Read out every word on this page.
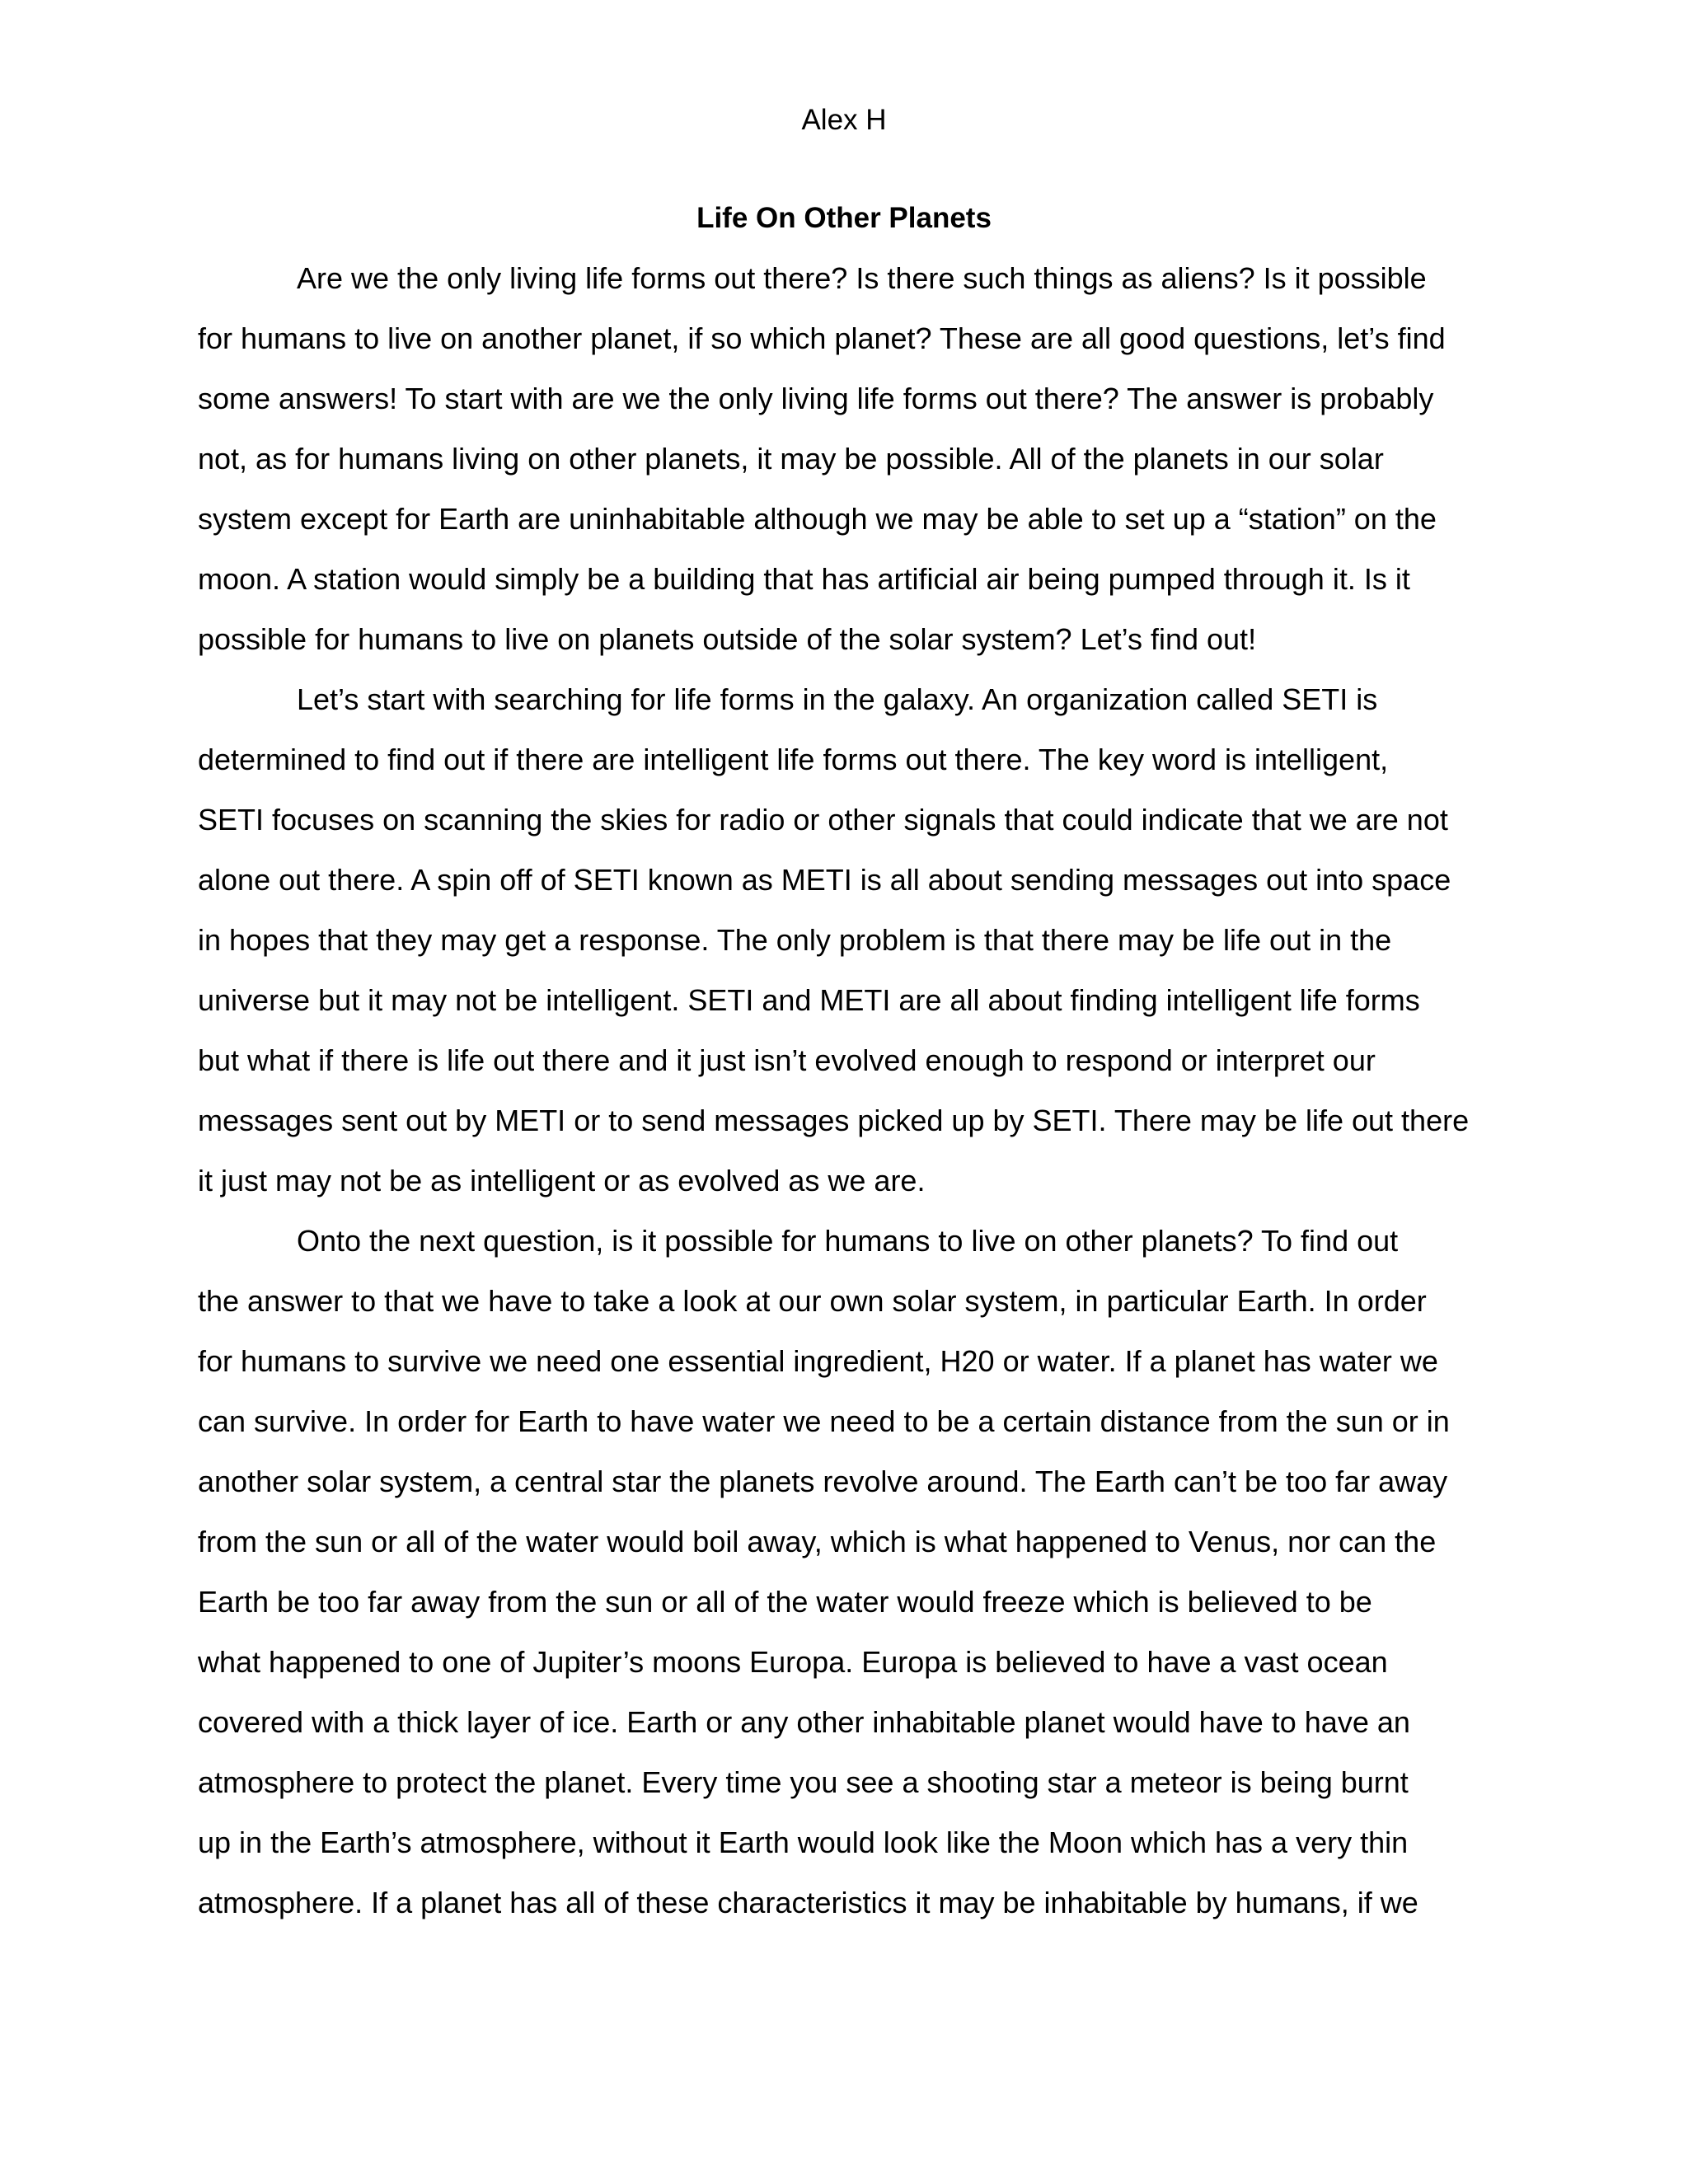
Alex H
Life On Other Planets
Are we the only living life forms out there? Is there such things as aliens? Is it possible
for humans to live on another planet, if so which planet? These are all good questions, let’s find
some answers! To start with are we the only living life forms out there? The answer is probably
not, as for humans living on other planets, it may be possible. All of the planets in our solar
system except for Earth are uninhabitable although we may be able to set up a “station” on the
moon. A station would simply be a building that has artificial air being pumped through it. Is it
possible for humans to live on planets outside of the solar system? Let’s find out!
Let’s start with searching for life forms in the galaxy. An organization called SETI is
determined to find out if there are intelligent life forms out there. The key word is intelligent,
SETI focuses on scanning the skies for radio or other signals that could indicate that we are not
alone out there. A spin off of SETI known as METI is all about sending messages out into space
in hopes that they may get a response. The only problem is that there may be life out in the
universe but it may not be intelligent. SETI and METI are all about finding intelligent life forms
but what if there is life out there and it just isn’t evolved enough to respond or interpret our
messages sent out by METI or to send messages picked up by SETI. There may be life out there
it just may not be as intelligent or as evolved as we are.
Onto the next question, is it possible for humans to live on other planets? To find out
the answer to that we have to take a look at our own solar system, in particular Earth. In order
for humans to survive we need one essential ingredient, H20 or water. If a planet has water we
can survive. In order for Earth to have water we need to be a certain distance from the sun or in
another solar system, a central star the planets revolve around. The Earth can’t be too far away
from the sun or all of the water would boil away, which is what happened to Venus, nor can the
Earth be too far away from the sun or all of the water would freeze which is believed to be
what happened to one of Jupiter’s moons Europa. Europa is believed to have a vast ocean
covered with a thick layer of ice. Earth or any other inhabitable planet would have to have an
atmosphere to protect the planet. Every time you see a shooting star a meteor is being burnt
up in the Earth’s atmosphere, without it Earth would look like the Moon which has a very thin
atmosphere. If a planet has all of these characteristics it may be inhabitable by humans, if we
